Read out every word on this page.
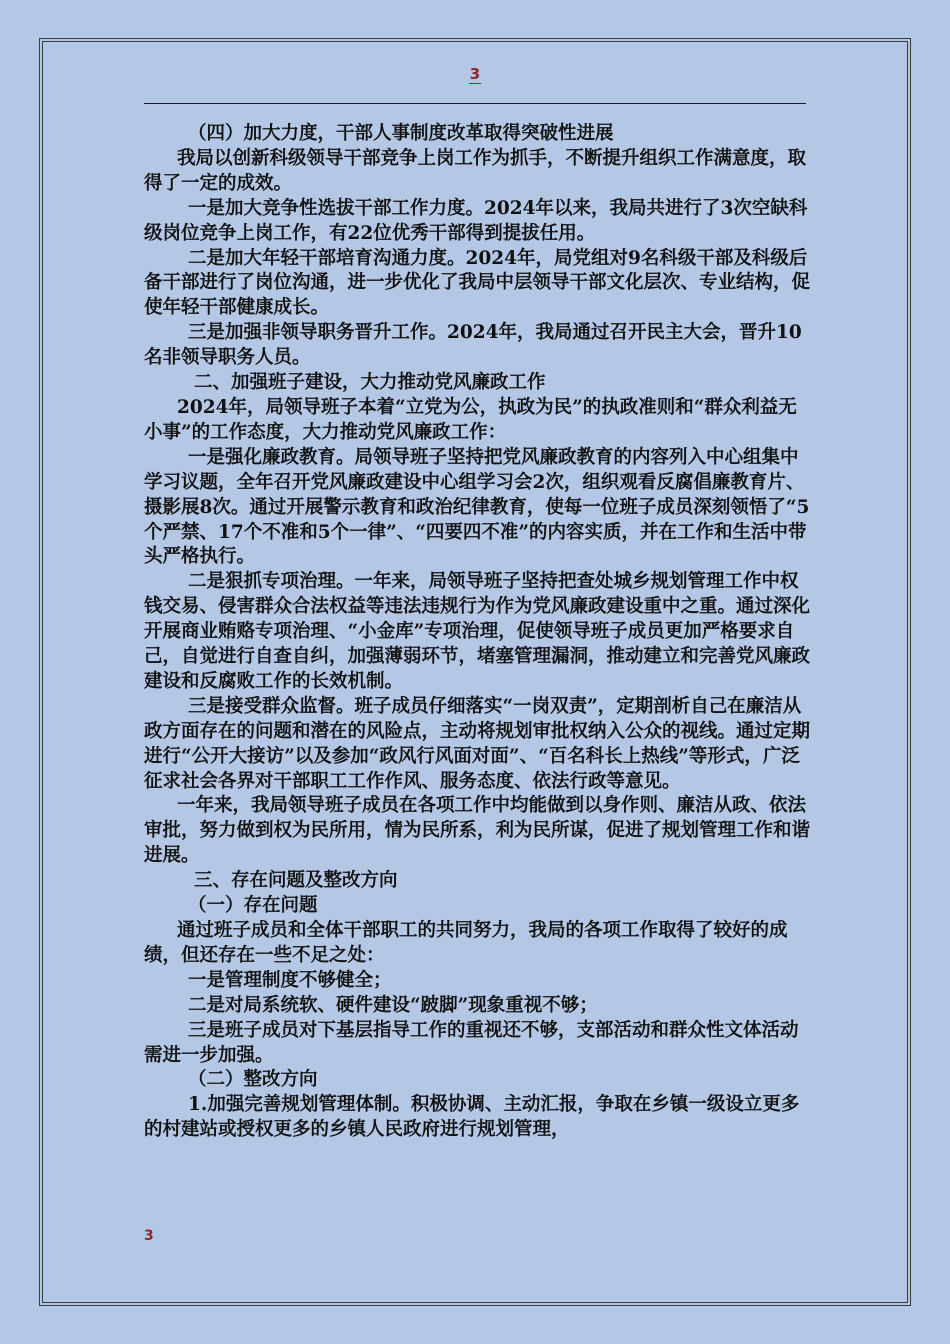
3

（四）加大力度，干部人事制度改革取得突破性进展

我局以创新科级领导干部竞争上岗工作为抓手，不断提升组织工作满意度，取得了一定的成效。

一是加大竞争性选拔干部工作力度。2024年以来，我局共进行了3次空缺科级岗位竞争上岗工作，有22位优秀干部得到提拔任用。

二是加大年轻干部培育沟通力度。2024年，局党组对9名科级干部及科级后备干部进行了岗位沟通，进一步优化了我局中层领导干部文化层次、专业结构，促使年轻干部健康成长。

三是加强非领导职务晋升工作。2024年，我局通过召开民主大会，晋升10名非领导职务人员。

二、加强班子建设，大力推动党风廉政工作

2024年，局领导班子本着“立党为公，执政为民”的执政准则和“群众利益无小事”的工作态度，大力推动党风廉政工作：

一是强化廉政教育。局领导班子坚持把党风廉政教育的内容列入中心组集中学习议题，全年召开党风廉政建设中心组学习会2次，组织观看反腐倡廉教育片、摄影展8次。通过开展警示教育和政治纪律教育，使每一位班子成员深刻领悟了“5个严禁、17个不准和5个一律”、“四要四不准”的内容实质，并在工作和生活中带头严格执行。

二是狠抓专项治理。一年来，局领导班子坚持把查处城乡规划管理工作中权钱交易、侵害群众合法权益等违法违规行为作为党风廉政建设重中之重。通过深化开展商业贿赂专项治理、“小金库”专项治理，促使领导班子成员更加严格要求自己，自觉进行自查自纠，加强薄弱环节，堵塞管理漏洞，推动建立和完善党风廉政建设和反腐败工作的长效机制。

三是接受群众监督。班子成员仔细落实“一岗双责”，定期剖析自己在廉洁从政方面存在的问题和潜在的风险点，主动将规划审批权纳入公众的视线。通过定期进行“公开大接访”以及参加“政风行风面对面”、“百名科长上热线”等形式，广泛征求社会各界对干部职工工作作风、服务态度、依法行政等意见。

一年来，我局领导班子成员在各项工作中均能做到以身作则、廉洁从政、依法审批，努力做到权为民所用，情为民所系，利为民所谋，促进了规划管理工作和谐进展。

三、存在问题及整改方向

（一）存在问题

通过班子成员和全体干部职工的共同努力，我局的各项工作取得了较好的成绩，但还存在一些不足之处：

一是管理制度不够健全；

二是对局系统软、硬件建设“跛脚”现象重视不够；

三是班子成员对下基层指导工作的重视还不够，支部活动和群众性文体活动需进一步加强。

（二）整改方向

1.加强完善规划管理体制。积极协调、主动汇报，争取在乡镇一级设立更多的村建站或授权更多的乡镇人民政府进行规划管理，

3
